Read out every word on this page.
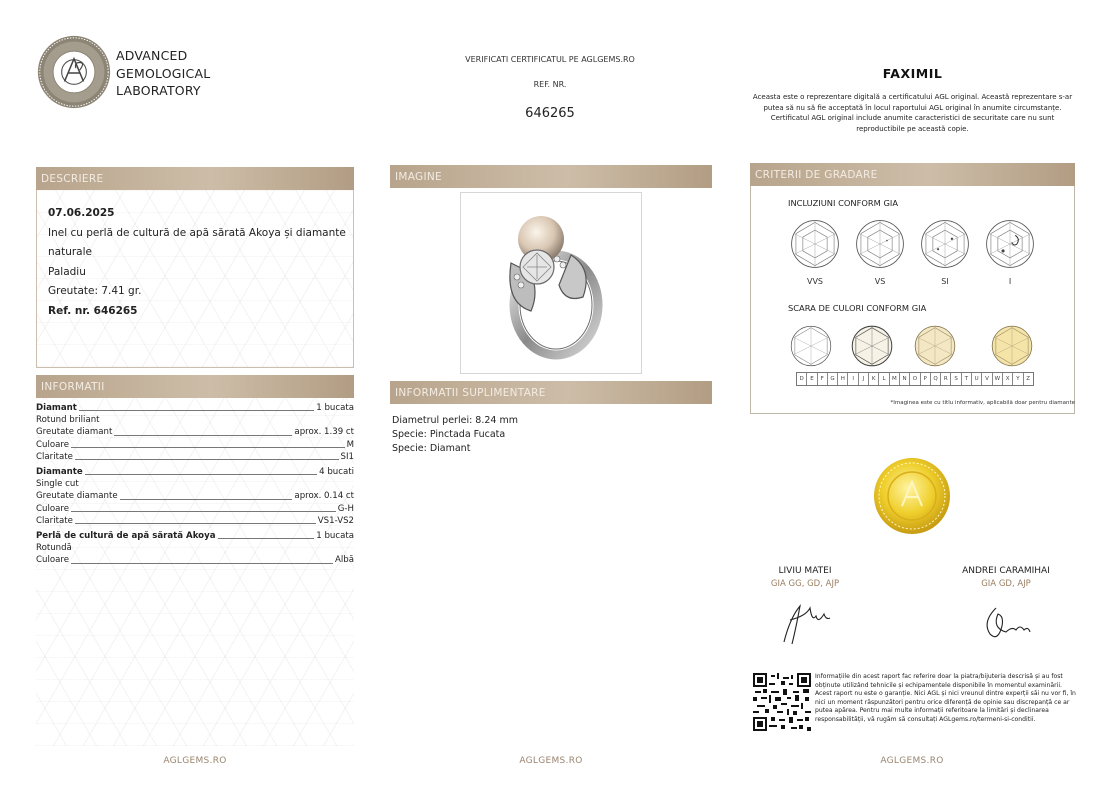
ADVANCED
GEMOLOGICAL
LABORATORY
VERIFICATI CERTIFICATUL PE AGLGEMS.RO
REF. NR.
646265
FAXIMIL
Aceasta este o reprezentare digitală a certificatului AGL original. Această reprezentare s-ar putea să nu să fie acceptată în locul raportului AGL original în anumite circumstanțe. Certificatul AGL original include anumite caracteristici de securitate care nu sunt reproductibile pe această copie.
DESCRIERE
07.06.2025
Inel cu perlă de cultură de apă sărată Akoya și diamante
naturale
Paladiu
Greutate: 7.41 gr.
Ref. nr. 646265
INFORMATII
Diamant	1 bucata
Rotund briliant
Greutate diamant	aprox. 1.39 ct
Culoare	M
Claritate	SI1
Diamante	4 bucati
Single cut
Greutate diamante	aprox. 0.14 ct
Culoare	G-H
Claritate	VS1-VS2
Perlă de cultură de apă sărată Akoya	1 bucata
Rotundă
Culoare	Albă
IMAGINE
INFORMATII SUPLIMENTARE
Diametrul perlei: 8.24 mm
Specie: Pinctada Fucata
Specie: Diamant
CRITERII DE GRADARE
INCLUZIUNI CONFORM GIA
VVS	VS	SI	I
SCARA DE CULORI CONFORM GIA
D	E	F	G	H	I	J	K	L	M	N	O	P	Q	R	S	T	U	V	W	X	Y	Z
*Imaginea este cu titlu informativ, aplicabilă doar pentru diamante
LIVIU MATEI
GIA GG, GD, AJP
ANDREI CARAMIHAI
GIA GD, AJP
Informațiile din acest raport fac referire doar la piatra/bijuteria descrisă și au fost obținute utilizând tehnicile și echipamentele disponibile în momentul examinării. Acest raport nu este o garanție. Nici AGL și nici vreunul dintre experții săi nu vor fi, în nici un moment răspunzători pentru orice diferență de opinie sau discrepanță ce ar putea apărea. Pentru mai multe informații referitoare la limitări și declinarea responsabilității, vă rugăm să consultați AGLgems.ro/termeni-si-conditii.
AGLGEMS.RO	AGLGEMS.RO	AGLGEMS.RO
